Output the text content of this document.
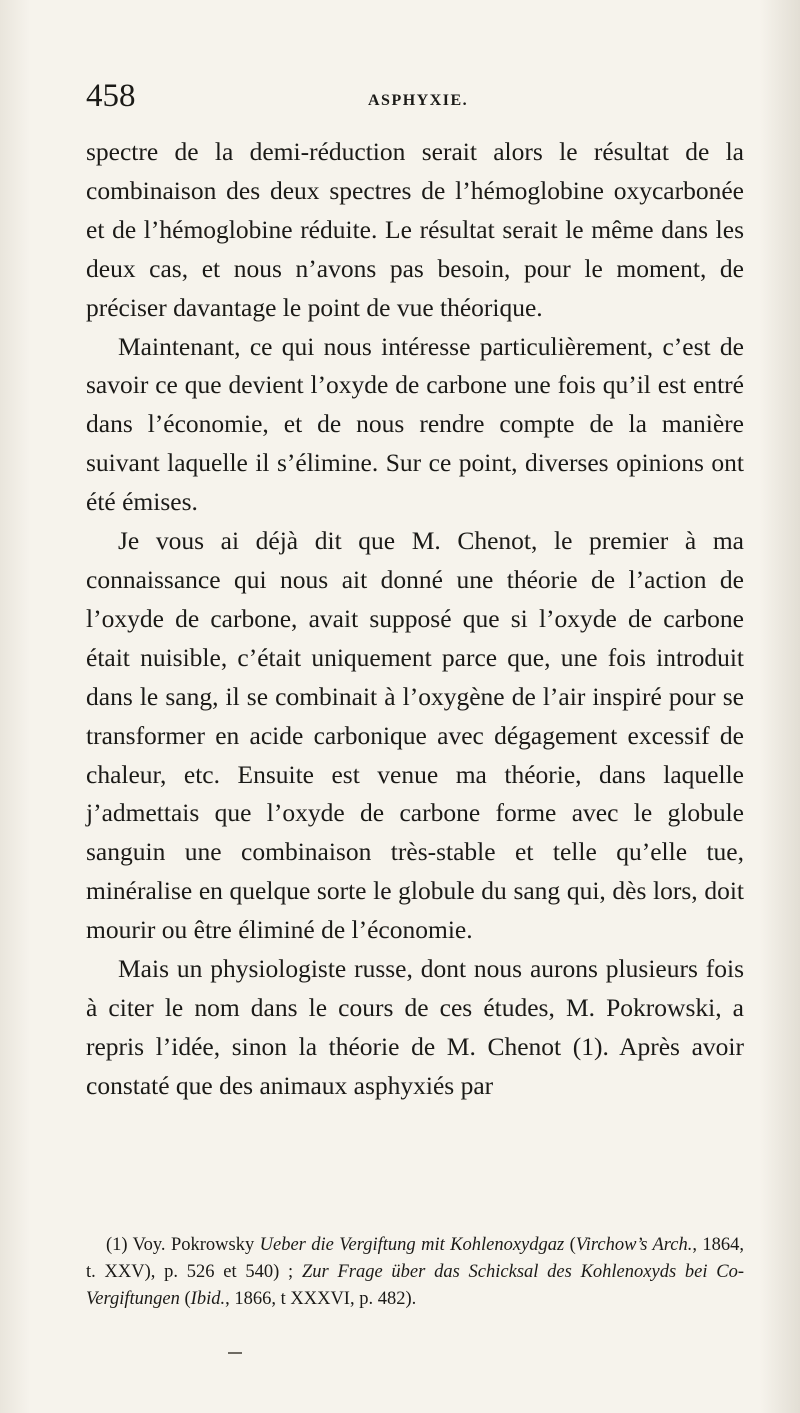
458	ASPHYXIE.

spectre de la demi-réduction serait alors le résultat de la combinaison des deux spectres de l’hémoglobine oxycarbonée et de l’hémoglobine réduite. Le résultat serait le même dans les deux cas, et nous n’avons pas besoin, pour le moment, de préciser davantage le point de vue théorique.

Maintenant, ce qui nous intéresse particulièrement, c’est de savoir ce que devient l’oxyde de carbone une fois qu’il est entré dans l’économie, et de nous rendre compte de la manière suivant laquelle il s’élimine. Sur ce point, diverses opinions ont été émises.

Je vous ai déjà dit que M. Chenot, le premier à ma connaissance qui nous ait donné une théorie de l’action de l’oxyde de carbone, avait supposé que si l’oxyde de carbone était nuisible, c’était uniquement parce que, une fois introduit dans le sang, il se combinait à l’oxygène de l’air inspiré pour se transformer en acide carbonique avec dégagement excessif de chaleur, etc. Ensuite est venue ma théorie, dans laquelle j’admettais que l’oxyde de carbone forme avec le globule sanguin une combinaison très-stable et telle qu’elle tue, minéralise en quelque sorte le globule du sang qui, dès lors, doit mourir ou être éliminé de l’économie.

Mais un physiologiste russe, dont nous aurons plusieurs fois à citer le nom dans le cours de ces études, M. Pokrowski, a repris l’idée, sinon la théorie de M. Chenot (1). Après avoir constaté que des animaux asphyxiés par

(1) Voy. Pokrowsky Ueber die Vergiftung mit Kohlenoxydgaz (Virchow’s Arch., 1864, t. XXV), p. 526 et 540) ; Zur Frage über das Schicksal des Kohlenoxyds bei Co-Vergiftungen (Ibid., 1866, t XXXVI, p. 482).
